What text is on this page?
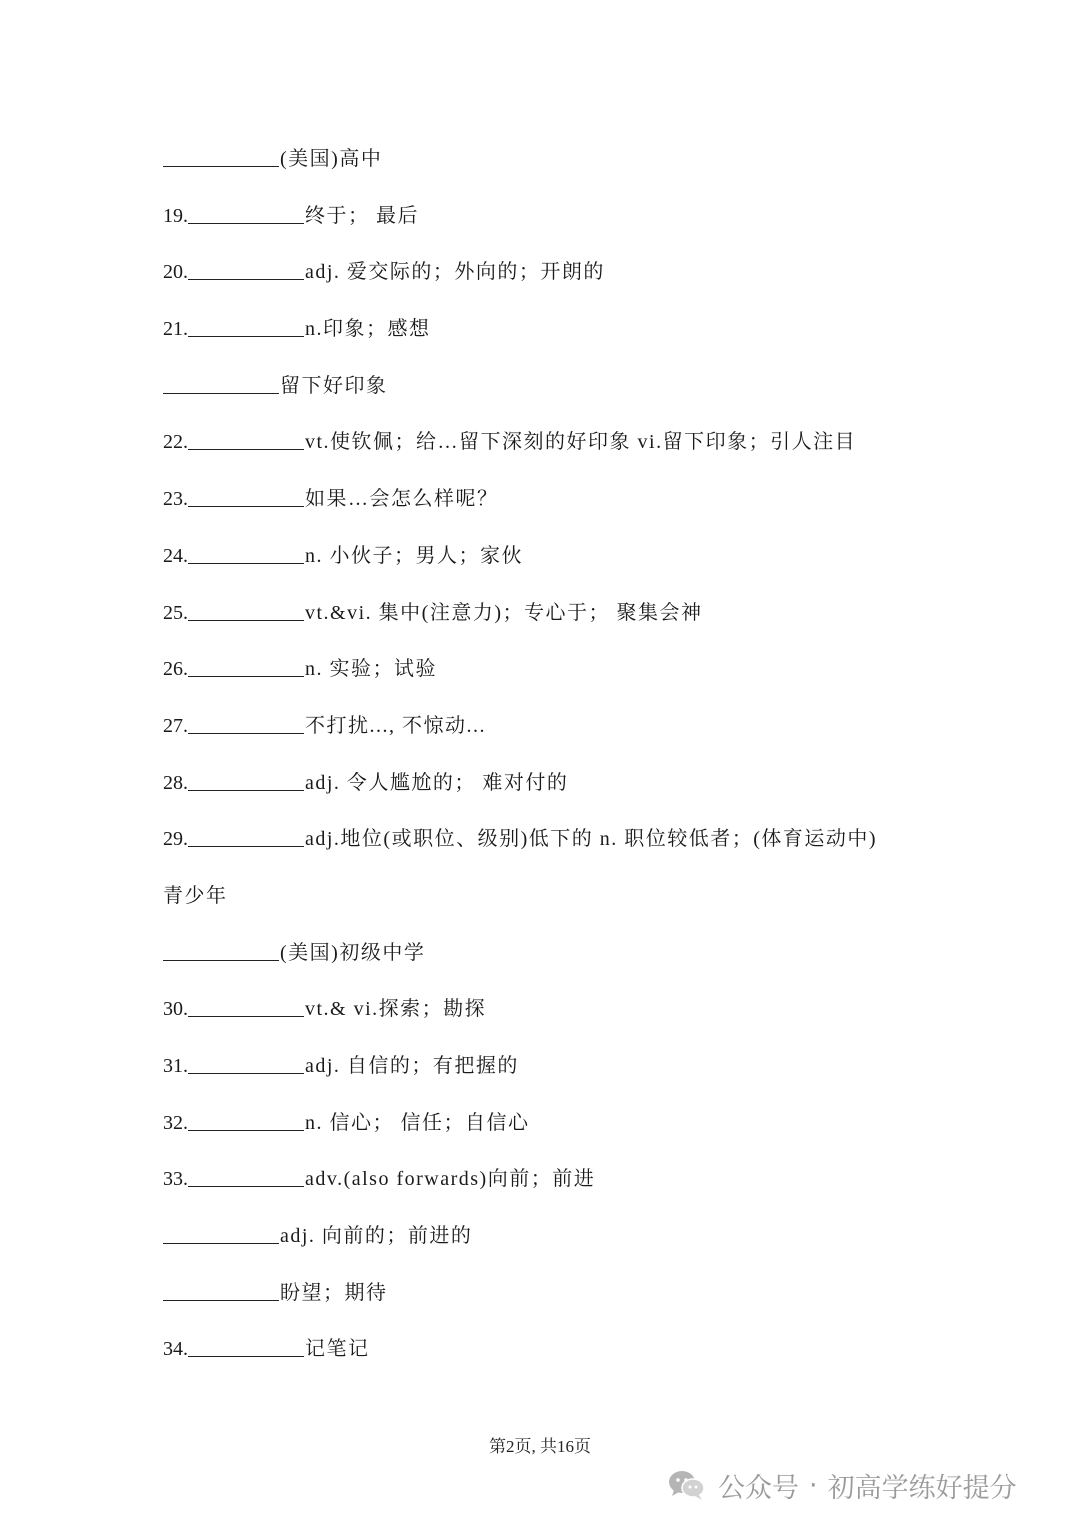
(美国)高中
19.	终于； 最后
20.	adj. 爱交际的；外向的；开朗的
21.	n.印象；感想
留下好印象
22.	vt.使钦佩；给…留下深刻的好印象 vi.留下印象；引人注目
23.	如果…会怎么样呢？
24.	n. 小伙子；男人；家伙
25.	vt.&vi. 集中(注意力)；专心于； 聚集会神
26.	n. 实验；试验
27.	不打扰..., 不惊动...
28.	adj. 令人尴尬的； 难对付的
29.	adj.地位(或职位、级别)低下的 n. 职位较低者；(体育运动中)
青少年
(美国)初级中学
30.	vt.& vi.探索；勘探
31.	adj. 自信的；有把握的
32.	n. 信心； 信任；自信心
33.	adv.(also forwards)向前；前进
adj. 向前的；前进的
盼望；期待
34.	记笔记
第2页, 共16页
公众号 · 初高学练好提分
